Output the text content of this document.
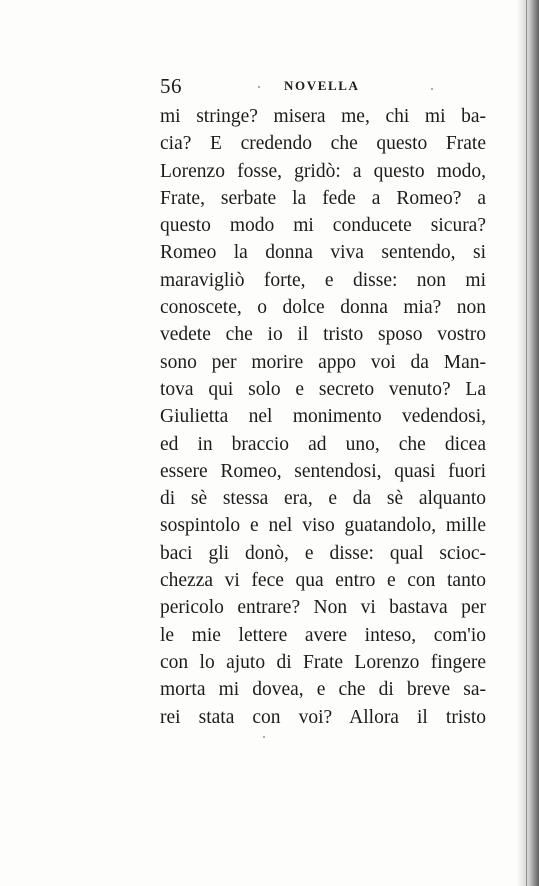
56	NOVELLA
mi stringe? misera me, chi mi ba-
cia? E credendo che questo Frate
Lorenzo fosse, gridò: a questo modo,
Frate, serbate la fede a Romeo? a
questo modo mi conducete sicura?
Romeo la donna viva sentendo, si
maravigliò forte, e disse: non mi
conoscete, o dolce donna mia? non
vedete che io il tristo sposo vostro
sono per morire appo voi da Man-
tova qui solo e secreto venuto? La
Giulietta nel monimento vedendosi,
ed in braccio ad uno, che dicea
essere Romeo, sentendosi, quasi fuori
di sè stessa era, e da sè alquanto
sospintolo e nel viso guatandolo, mille
baci gli donò, e disse: qual scioc-
chezza vi fece qua entro e con tanto
pericolo entrare? Non vi bastava per
le mie lettere avere inteso, com'io
con lo ajuto di Frate Lorenzo fingere
morta mi dovea, e che di breve sa-
rei stata con voi? Allora il tristo
